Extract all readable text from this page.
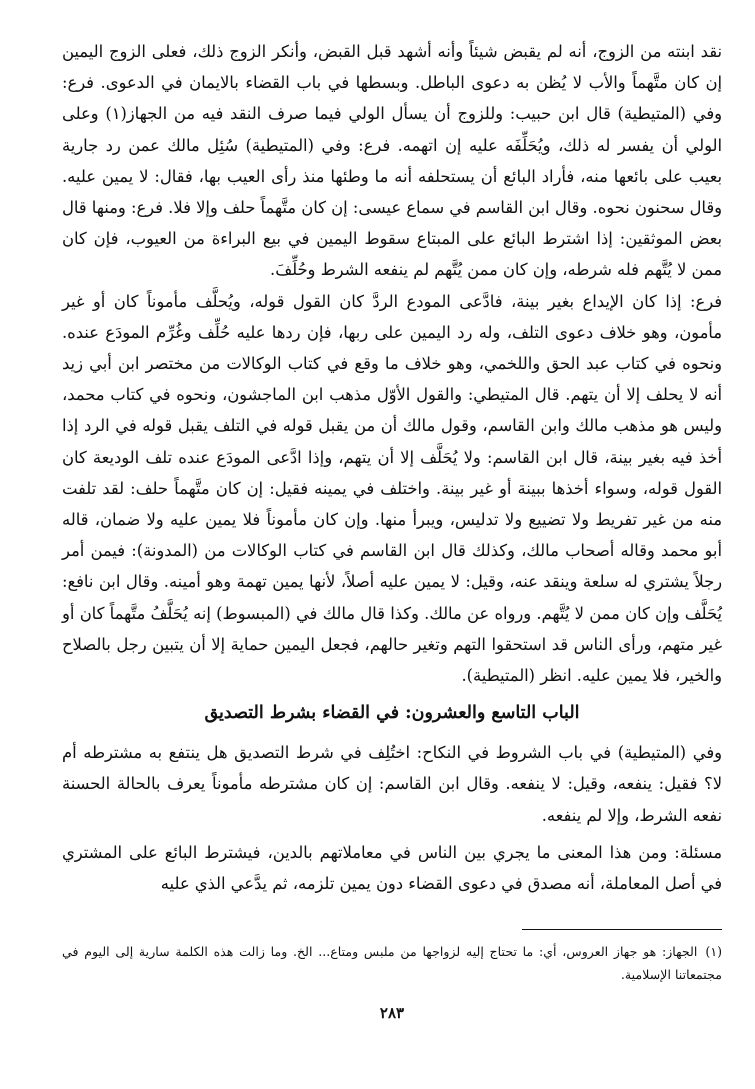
نقد ابنته من الزوج، أنه لم يقبض شيئاً وأنه أشهد قبل القبض، وأنكر الزوج ذلك، فعلى الزوج اليمين إن كان متَّهماً والأب لا يُظن به دعوى الباطل. وبسطها في باب القضاء بالايمان في الدعوى. فرع: وفي (المتيطية) قال ابن حبيب: وللزوج أن يسأل الولي فيما صرف النقد فيه من الجهاز(١) وعلى الولي أن يفسر له ذلك، ويُحَلِّفَه عليه إن اتهمه. فرع: وفي (المتيطية) سُئِل مالك عمن رد جارية بعيب على بائعها منه، فأراد البائع أن يستحلفه أنه ما وطئها منذ رأى العيب بها، فقال: لا يمين عليه. وقال سحنون نحوه. وقال ابن القاسم في سماع عيسى: إن كان متَّهماً حلف وإلا فلا. فرع: ومنها قال بعض الموثقين: إذا اشترط البائع على المبتاع سقوط اليمين في بيع البراءة من العيوب، فإن كان ممن لا يُتَّهم فله شرطه، وإن كان ممن يُتَّهم لم ينفعه الشرط وحُلِّفَ.

فرع: إذا كان الإيداع بغير بينة، فادَّعى المودع الردَّ كان القول قوله، ويُحلَّف مأموناً كان أو غير مأمون، وهو خلاف دعوى التلف، وله رد اليمين على ربها، فإن ردها عليه حُلِّف وغُرِّم المودَع عنده. ونحوه في كتاب عبد الحق واللخمي، وهو خلاف ما وقع في كتاب الوكالات من مختصر ابن أبي زيد أنه لا يحلف إلا أن يتهم. قال المتيطي: والقول الأوّل مذهب ابن الماجشون، ونحوه في كتاب محمد، وليس هو مذهب مالك وابن القاسم، وقول مالك أن من يقبل قوله في التلف يقبل قوله في الرد إذا أخذ فيه بغير بينة، قال ابن القاسم: ولا يُحَلَّف إلا أن يتهم، وإذا ادَّعى المودَع عنده تلف الوديعة كان القول قوله، وسواء أخذها ببينة أو غير بينة. واختلف في يمينه فقيل: إن كان متَّهماً حلف: لقد تلفت منه من غير تفريط ولا تضييع ولا تدليس، ويبرأ منها. وإن كان مأموناً فلا يمين عليه ولا ضمان، قاله أبو محمد وقاله أصحاب مالك، وكذلك قال ابن القاسم في كتاب الوكالات من (المدونة): فيمن أمر رجلاً يشتري له سلعة وينقد عنه، وقيل: لا يمين عليه أصلاً، لأنها يمين تهمة وهو أمينه. وقال ابن نافع: يُحَلَّف وإن كان ممن لا يُتَّهم. ورواه عن مالك. وكذا قال مالك في (المبسوط) إنه يُحَلَّفُ متَّهماً كان أو غير متهم، ورأى الناس قد استحقوا التهم وتغير حالهم، فجعل اليمين حماية إلا أن يتبين رجل بالصلاح والخير، فلا يمين عليه. انظر (المتيطية).

الباب التاسع والعشرون: في القضاء بشرط التصديق

وفي (المتيطية) في باب الشروط في النكاح: اختُلِف في شرط التصديق هل ينتفع به مشترطه أم لا؟ فقيل: ينفعه، وقيل: لا ينفعه. وقال ابن القاسم: إن كان مشترطه مأموناً يعرف بالحالة الحسنة نفعه الشرط، وإلا لم ينفعه.

مسئلة: ومن هذا المعنى ما يجري بين الناس في معاملاتهم بالدين، فيشترط البائع على المشتري في أصل المعاملة، أنه مصدق في دعوى القضاء دون يمين تلزمه، ثم يدَّعي الذي عليه

(١)الجهاز: هو جهاز العروس، أي: ما تحتاج إليه لزواجها من ملبس ومتاع... الخ. وما زالت هذه الكلمة سارية إلى اليوم في مجتمعاتنا الإسلامية.

٢٨٣
